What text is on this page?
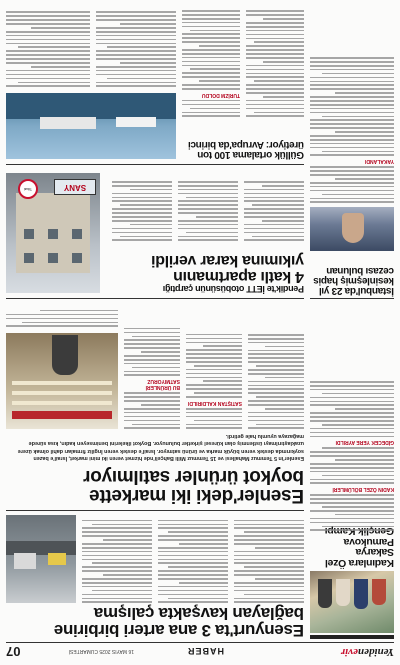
Yenidenevir
HABER
16 MAYIS 2025 CUMARTESİ
07
Esenyurt'ta 3 ana arteri birbirine
bağlayan kavşakta çalışma
Kadınlara Özel Sakarya Pamukova
KADIN ÖZEL BÖLÜMLERİ
GİDECEK YERE AYRILDI
Esenler'deki iki markette
boykot ürünler satılmıyor
Esenler'in 5 Temmuz Mahallesi ve 15 Temmuz Milli Bahçeli'nde hizmet veren iki mini market, İsrail'e bazen soykırımda destek veren büyük marka ve ürünü satmıyor. İsrail'e destek veren İngiliz firmaları dahil olmak üzere uzaklaştırılmayı üstlenmiş olan küresel şirketler bulunuyor. Boykot ilkelerini benimseyen kadın, kısa sürede mağazaya uyumlu hale getirdi.
SATIŞTAN KALDIRILDI
BU ÜRÜNLERİ SATMIYORUZ
İstanbul'da 23 yıl kesinleşmiş hapis cezası bulunan
YAKALANDI
Pendik'te İETT otobüsünün çarptığı
4 katlı apartmanın
yıkımına karar verildi
SANY
Tikal
Güllük ortalama 100 ton üretiyor: Avrupa'da birinci
TURİZM DOLDU
